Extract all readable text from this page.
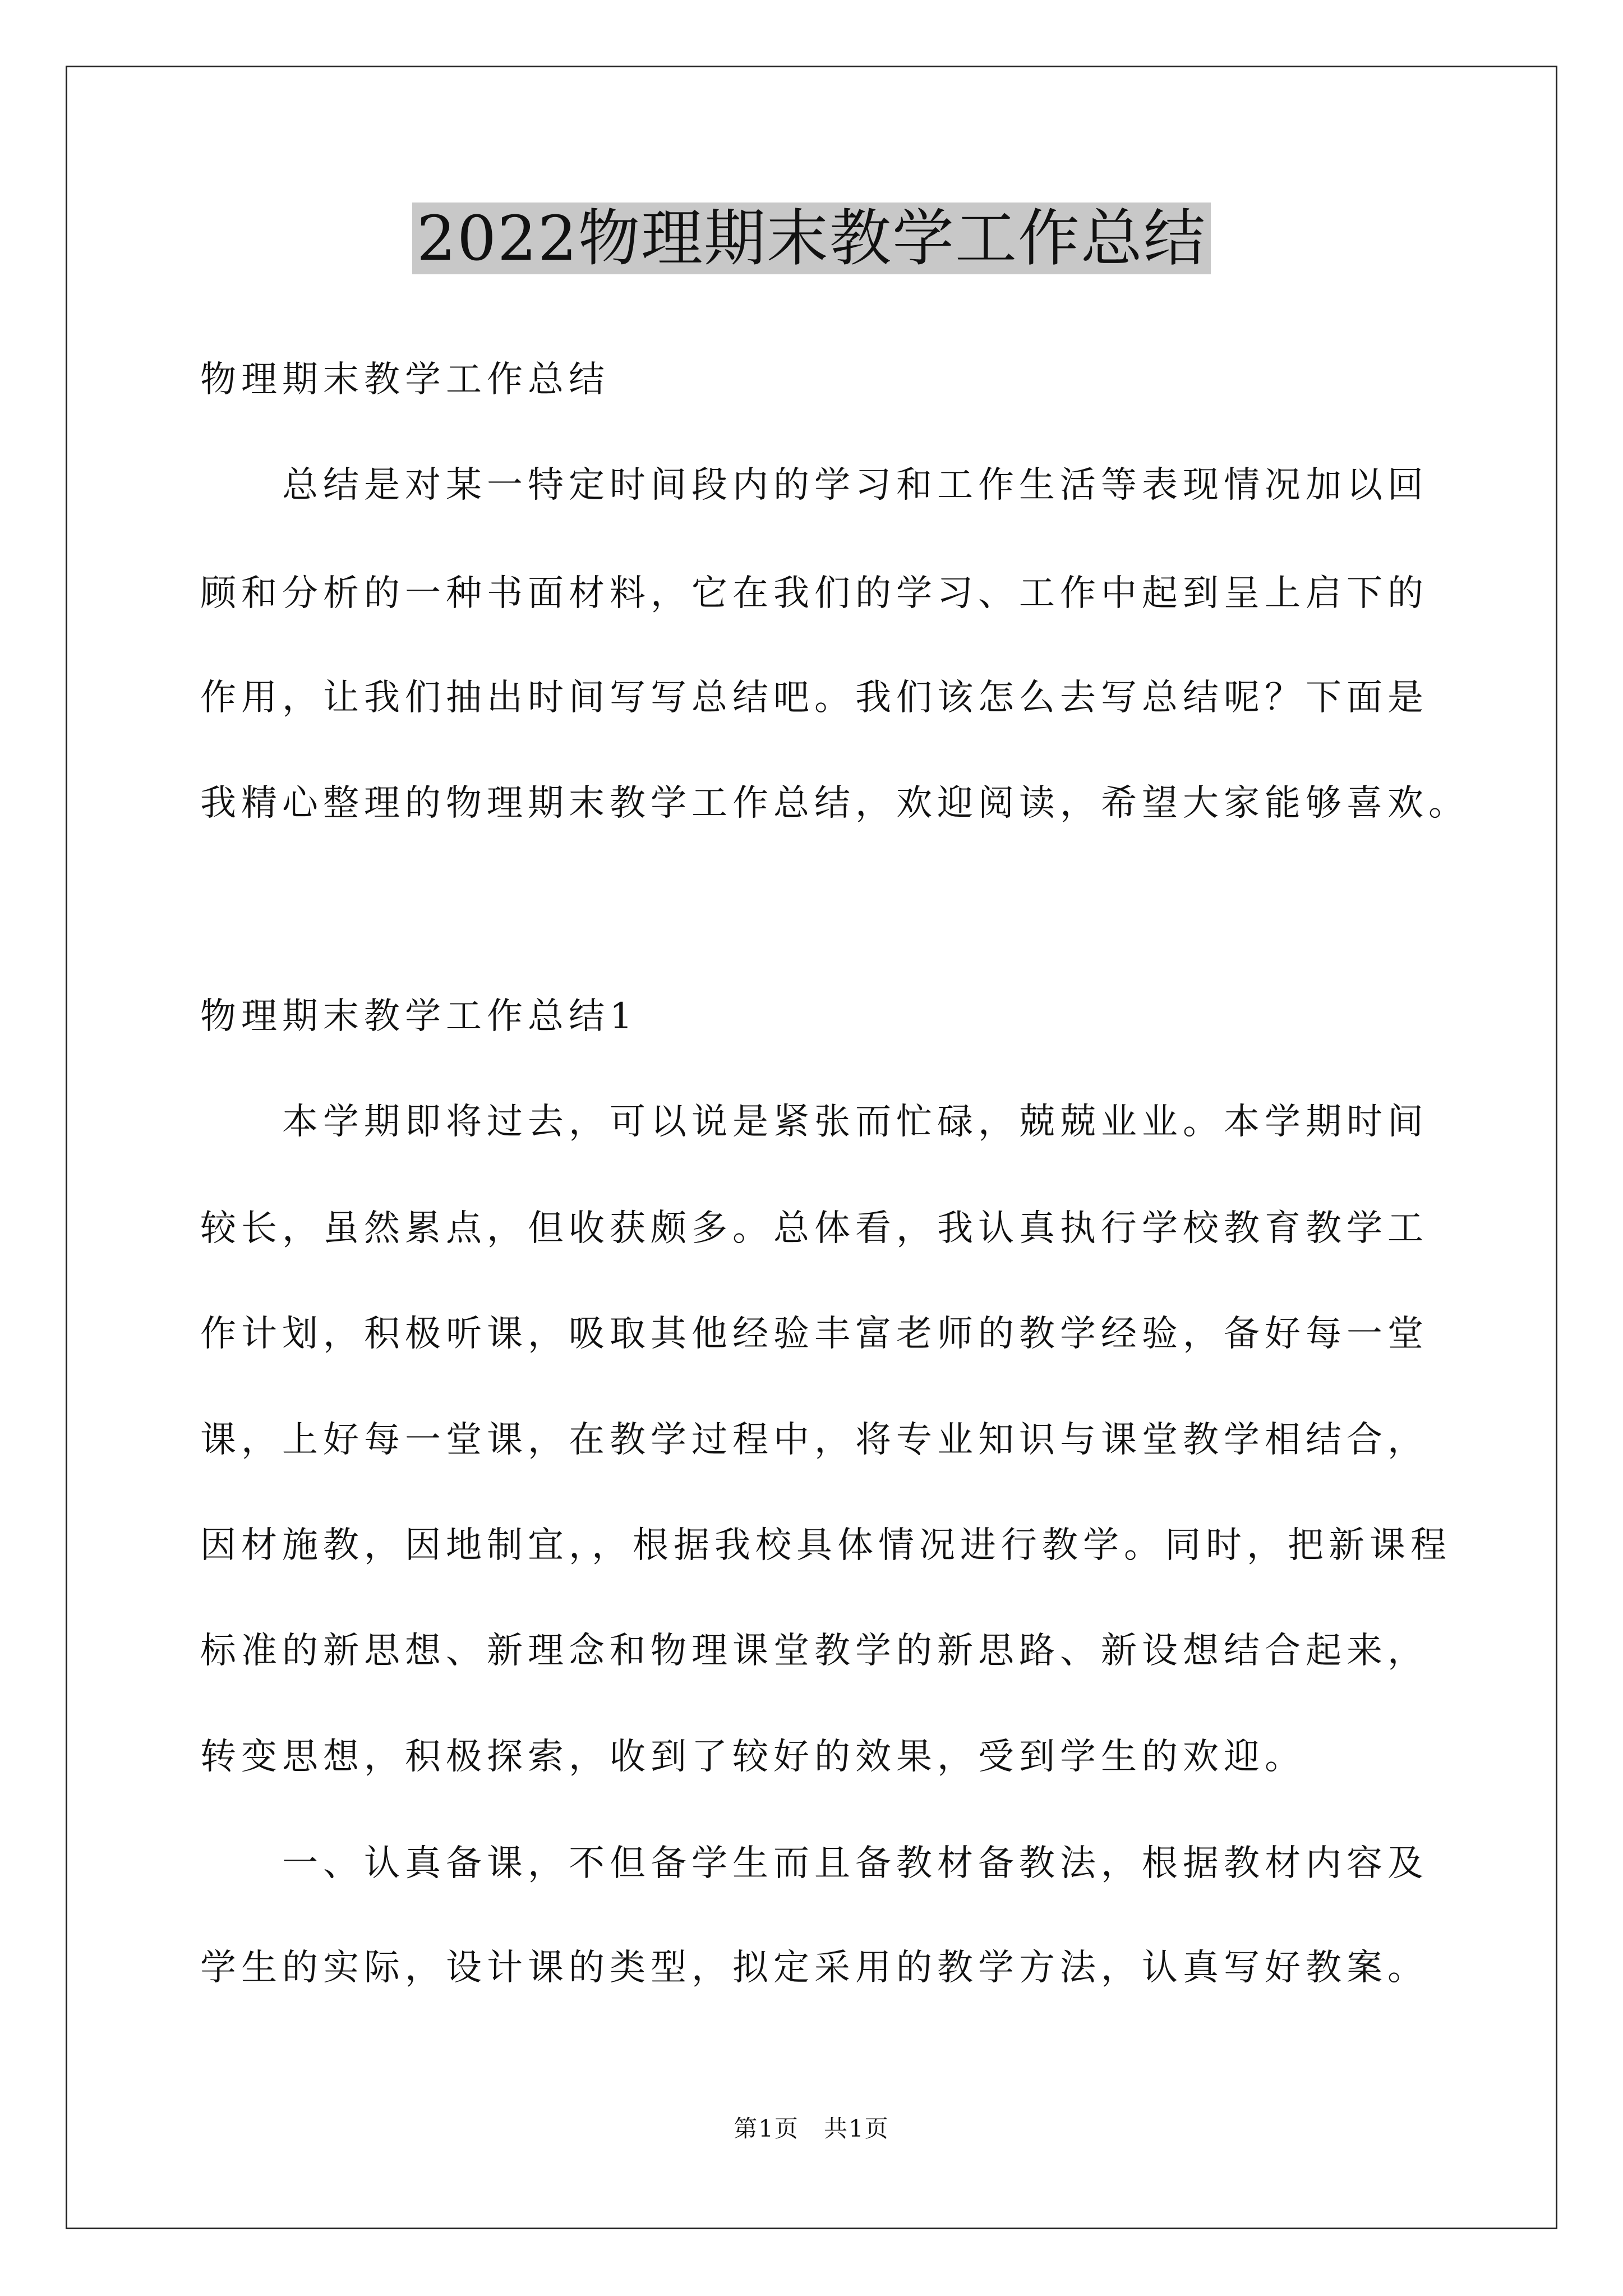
2022物理期末教学工作总结
物理期末教学工作总结
　　总结是对某一特定时间段内的学习和工作生活等表现情况加以回
顾和分析的一种书面材料，它在我们的学习、工作中起到呈上启下的
作用，让我们抽出时间写写总结吧。我们该怎么去写总结呢？下面是
我精心整理的物理期末教学工作总结，欢迎阅读，希望大家能够喜欢。
物理期末教学工作总结1
　　本学期即将过去，可以说是紧张而忙碌，兢兢业业。本学期时间
较长，虽然累点，但收获颇多。总体看，我认真执行学校教育教学工
作计划，积极听课，吸取其他经验丰富老师的教学经验，备好每一堂
课，上好每一堂课，在教学过程中，将专业知识与课堂教学相结合，
因材施教，因地制宜，，根据我校具体情况进行教学。同时，把新课程
标准的新思想、新理念和物理课堂教学的新思路、新设想结合起来，
转变思想，积极探索，收到了较好的效果，受到学生的欢迎。
　　一、认真备课，不但备学生而且备教材备教法，根据教材内容及
学生的实际，设计课的类型，拟定采用的教学方法，认真写好教案。
第1页　共1页
